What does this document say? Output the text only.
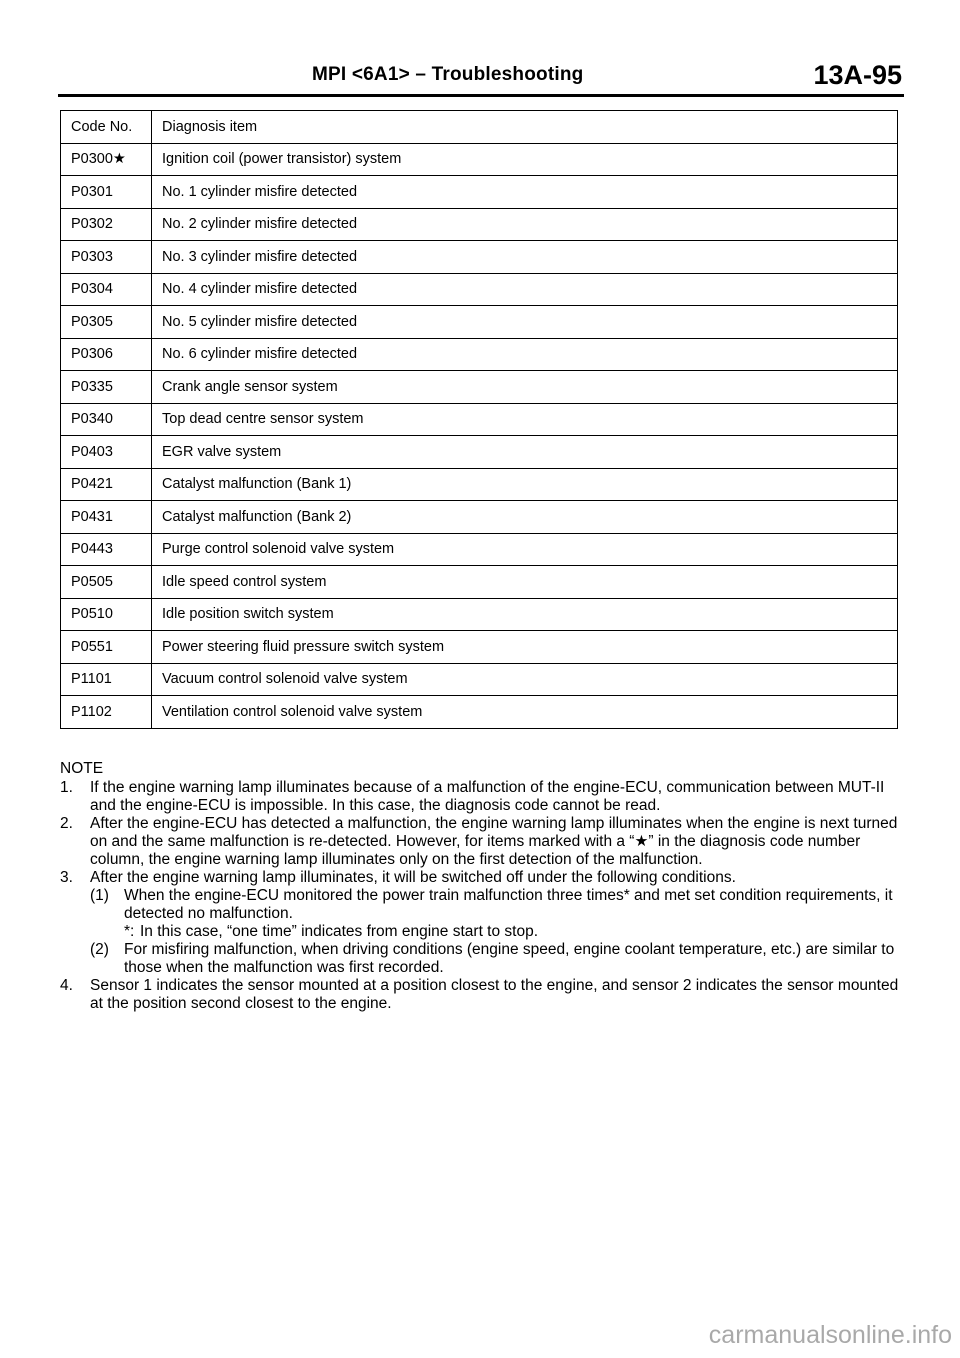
MPI <6A1> – Troubleshooting	13A-95
Code No.	Diagnosis item
P0300★	Ignition coil (power transistor) system
P0301	No. 1 cylinder misfire detected
P0302	No. 2 cylinder misfire detected
P0303	No. 3 cylinder misfire detected
P0304	No. 4 cylinder misfire detected
P0305	No. 5 cylinder misfire detected
P0306	No. 6 cylinder misfire detected
P0335	Crank angle sensor system
P0340	Top dead centre sensor system
P0403	EGR valve system
P0421	Catalyst malfunction (Bank 1)
P0431	Catalyst malfunction (Bank 2)
P0443	Purge control solenoid valve system
P0505	Idle speed control system
P0510	Idle position switch system
P0551	Power steering fluid pressure switch system
P1101	Vacuum control solenoid valve system
P1102	Ventilation control solenoid valve system

NOTE

1. If the engine warning lamp illuminates because of a malfunction of the engine-ECU, communication between MUT-II and the engine-ECU is impossible. In this case, the diagnosis code cannot be read.
2. After the engine-ECU has detected a malfunction, the engine warning lamp illuminates when the engine is next turned on and the same malfunction is re-detected. However, for items marked with a “★” in the diagnosis code number column, the engine warning lamp illuminates only on the first detection of the malfunction.
3. After the engine warning lamp illuminates, it will be switched off under the following conditions.
(1) When the engine-ECU monitored the power train malfunction three times* and met set condition requirements, it detected no malfunction.
*: In this case, “one time” indicates from engine start to stop.
(2) For misfiring malfunction, when driving conditions (engine speed, engine coolant temperature, etc.) are similar to those when the malfunction was first recorded.
4. Sensor 1 indicates the sensor mounted at a position closest to the engine, and sensor 2 indicates the sensor mounted at the position second closest to the engine.
carmanualsonline.info
